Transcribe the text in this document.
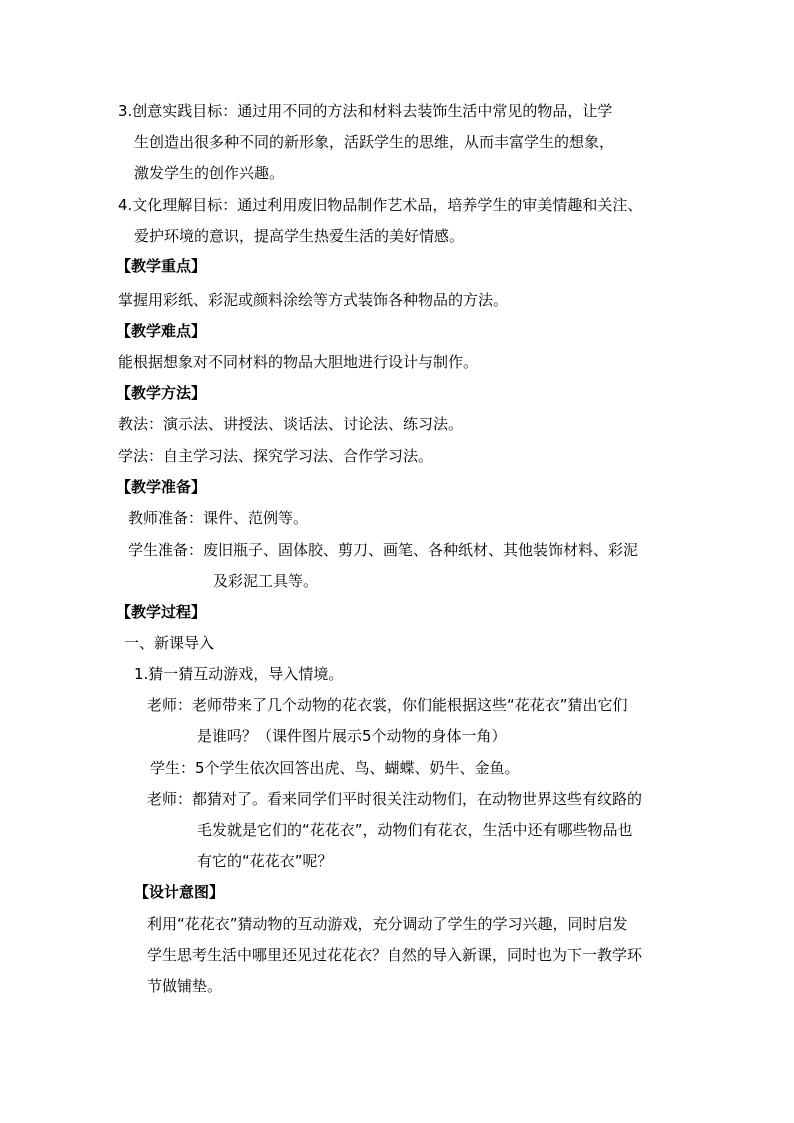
3.创意实践目标：通过用不同的方法和材料去装饰生活中常见的物品，让学
生创造出很多种不同的新形象，活跃学生的思维，从而丰富学生的想象，
激发学生的创作兴趣。
4.文化理解目标：通过利用废旧物品制作艺术品，培养学生的审美情趣和关注、
爱护环境的意识，提高学生热爱生活的美好情感。
【教学重点】
掌握用彩纸、彩泥或颜料涂绘等方式装饰各种物品的方法。
【教学难点】
能根据想象对不同材料的物品大胆地进行设计与制作。
【教学方法】
教法：演示法、讲授法、谈话法、讨论法、练习法。
学法：自主学习法、探究学习法、合作学习法。
【教学准备】
教师准备：课件、范例等。
学生准备：废旧瓶子、固体胶、剪刀、画笔、各种纸材、其他装饰材料、彩泥
及彩泥工具等。
【教学过程】
一、新课导入
1.猜一猜互动游戏，导入情境。
老师：老师带来了几个动物的花衣裳，你们能根据这些“花花衣”猜出它们
是谁吗？（课件图片展示5个动物的身体一角）
学生：5个学生依次回答出虎、鸟、蝴蝶、奶牛、金鱼。
老师：都猜对了。看来同学们平时很关注动物们，在动物世界这些有纹路的
毛发就是它们的“花花衣”，动物们有花衣，生活中还有哪些物品也
有它的“花花衣”呢？
【设计意图】
利用“花花衣”猜动物的互动游戏，充分调动了学生的学习兴趣，同时启发
学生思考生活中哪里还见过花花衣？自然的导入新课，同时也为下一教学环
节做铺垫。
